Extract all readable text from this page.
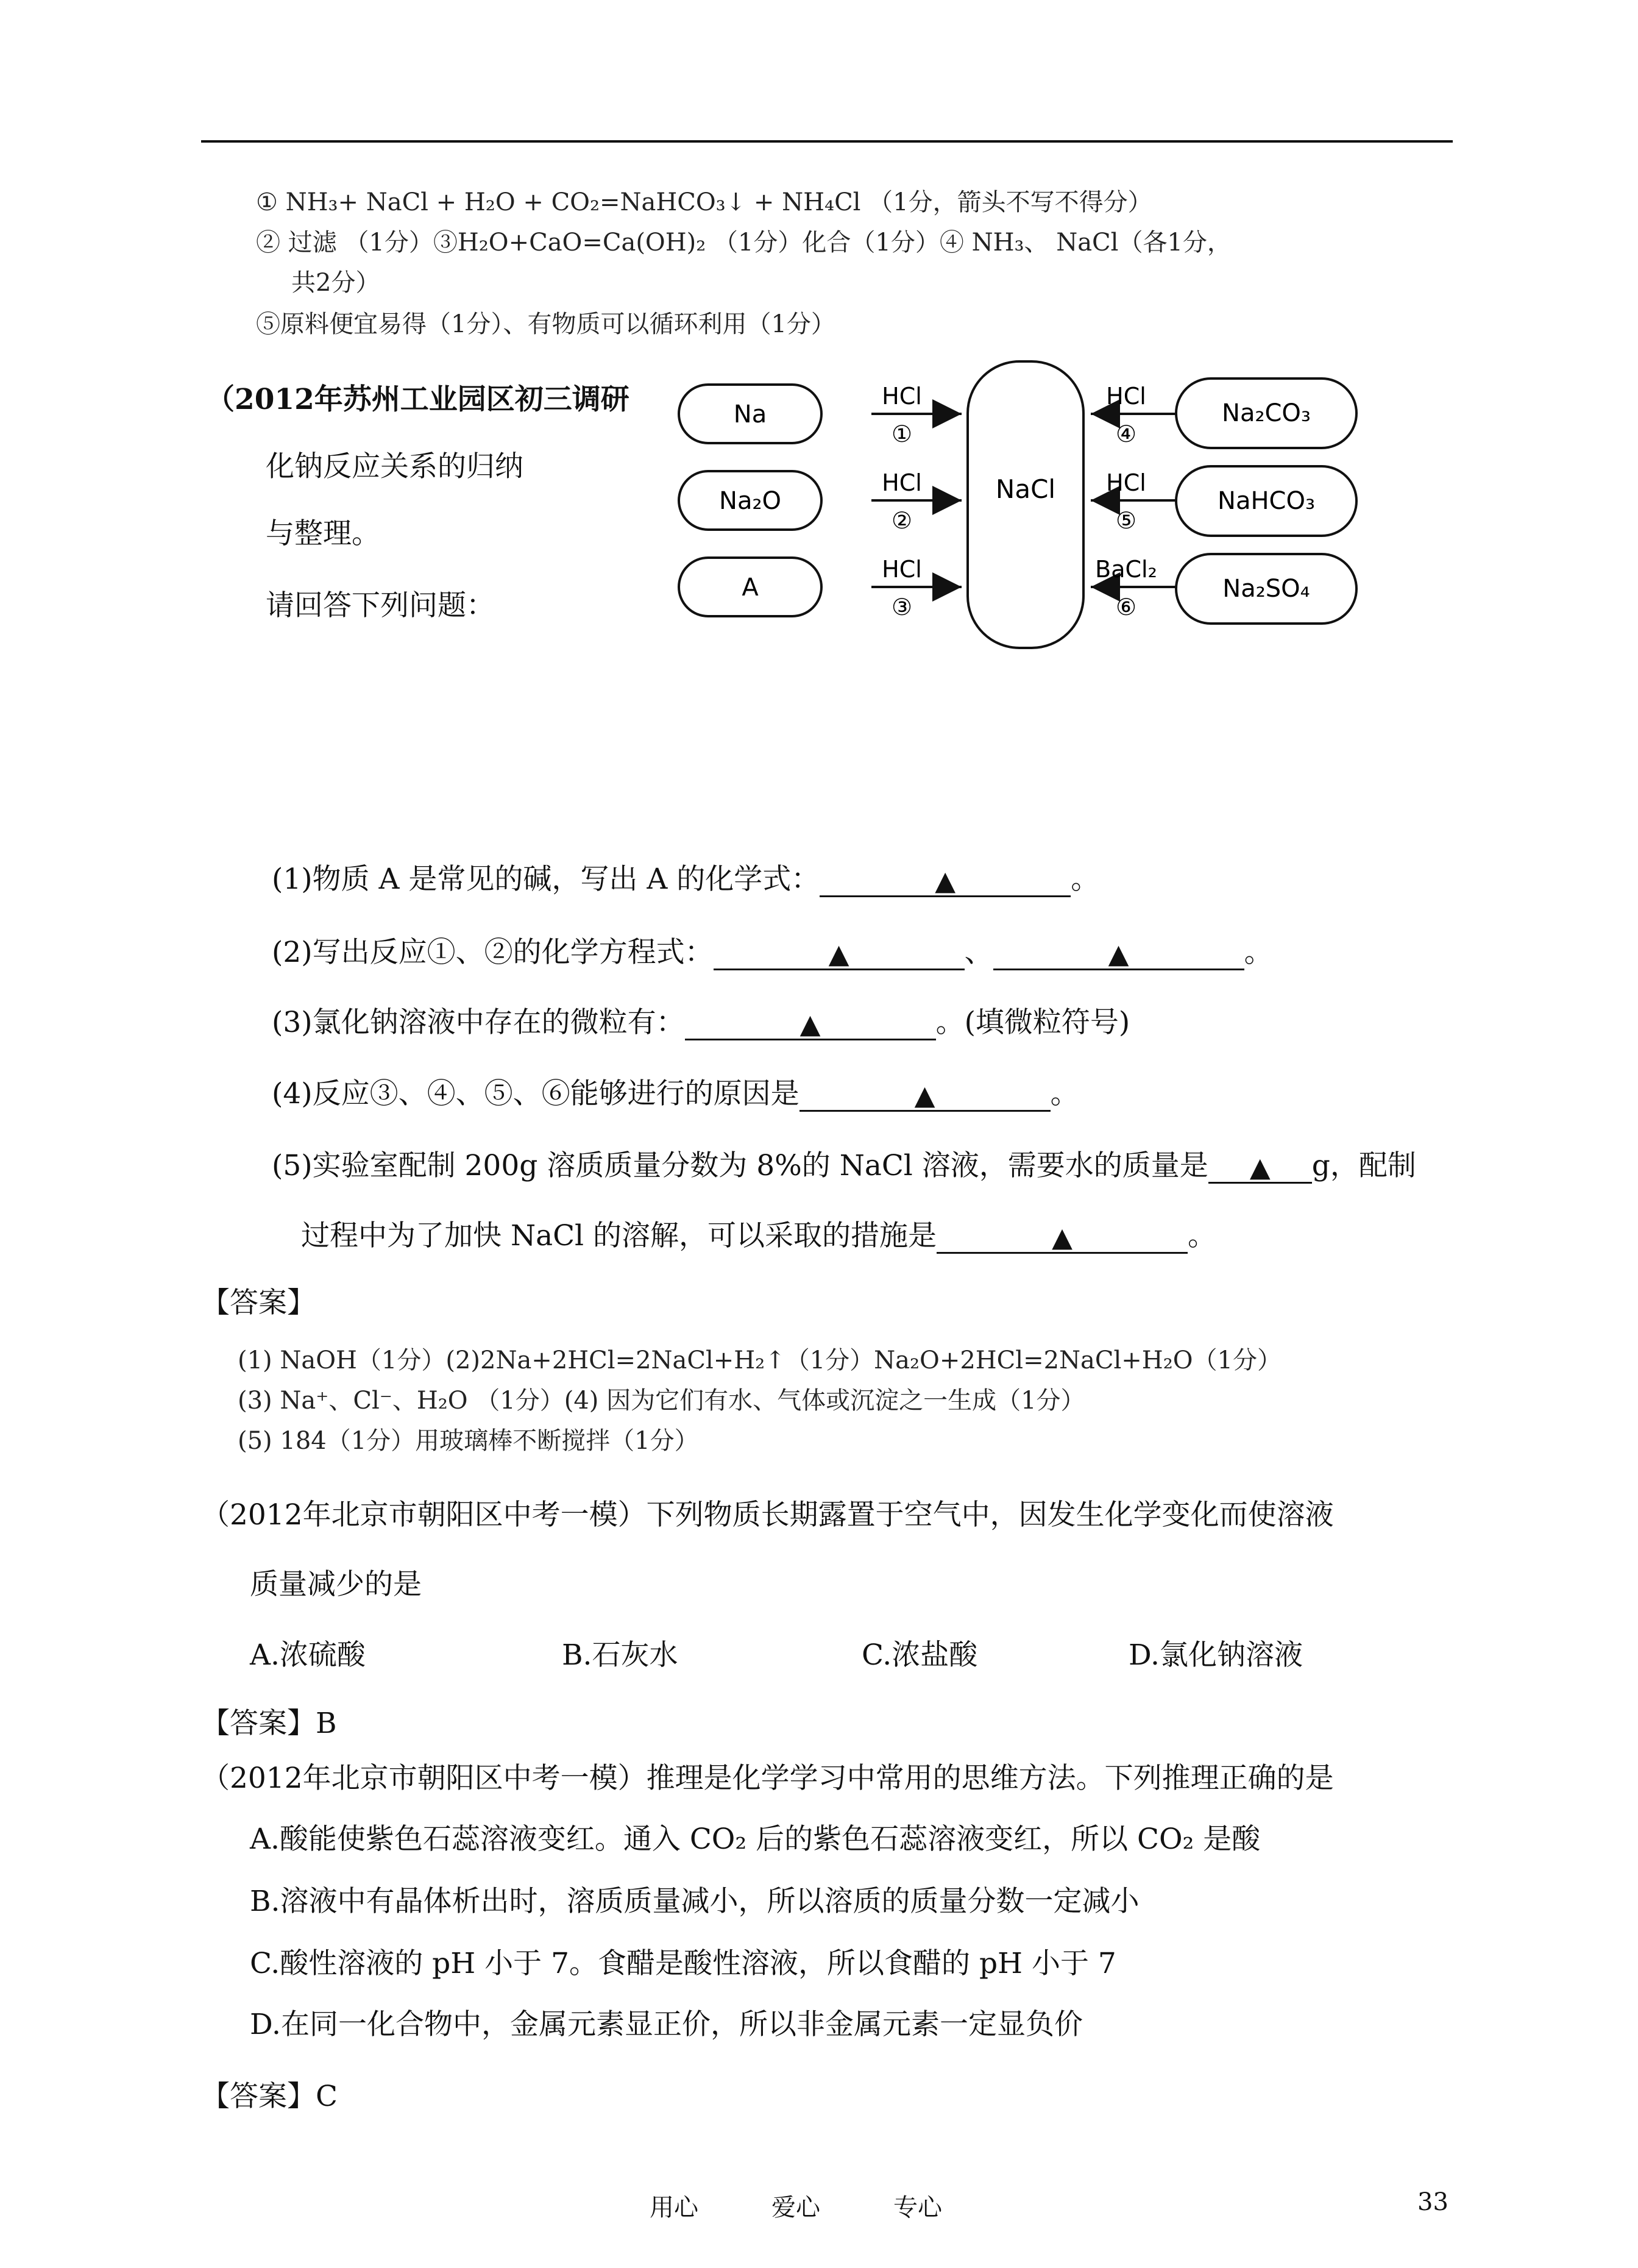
① NH₃+ NaCl + H₂O + CO₂=NaHCO₃↓ + NH₄Cl （1分，箭头不写不得分）
② 过滤 （1分）③H₂O+CaO=Ca(OH)₂ （1分）化合（1分）④ NH₃、 NaCl（各1分，
共2分）
⑤原料便宜易得（1分）、有物质可以循环利用（1分）
（2012年苏州工业园区初三调研
化钠反应关系的归纳
与整理。
请回答下列问题：
NaCl
Na
HCl
①
Na₂O
HCl
②
A
HCl
③
Na₂CO₃
HCl
④
NaHCO₃
HCl
⑤
Na₂SO₄
BaCl₂
⑥
(1)物质 A 是常见的碱，写出 A 的化学式：	▲	。
(2)写出反应①、②的化学方程式：	▲	、	▲	。
(3)氯化钠溶液中存在的微粒有：	▲	。(填微粒符号)
(4)反应③、④、⑤、⑥能够进行的原因是	▲	。
(5)实验室配制 200g 溶质质量分数为 8%的 NaCl 溶液，需要水的质量是 ▲ g，配制
过程中为了加快 NaCl 的溶解，可以采取的措施是	▲	。
【答案】
(1) NaOH（1分）(2)2Na+2HCl=2NaCl+H₂↑（1分）Na₂O+2HCl=2NaCl+H₂O（1分）
(3) Na⁺、Cl⁻、H₂O （1分）(4) 因为它们有水、气体或沉淀之一生成（1分）
(5) 184（1分）用玻璃棒不断搅拌（1分）
（2012年北京市朝阳区中考一模）下列物质长期露置于空气中，因发生化学变化而使溶液
质量减少的是
A.浓硫酸	B.石灰水	C.浓盐酸	D.氯化钠溶液
【答案】B
（2012年北京市朝阳区中考一模）推理是化学学习中常用的思维方法。下列推理正确的是
A.酸能使紫色石蕊溶液变红。通入 CO₂ 后的紫色石蕊溶液变红，所以 CO₂ 是酸
B.溶液中有晶体析出时，溶质质量减小，所以溶质的质量分数一定减小
C.酸性溶液的 pH 小于 7。食醋是酸性溶液，所以食醋的 pH 小于 7
D.在同一化合物中，金属元素显正价，所以非金属元素一定显负价
【答案】C
用心	爱心	专心	33
